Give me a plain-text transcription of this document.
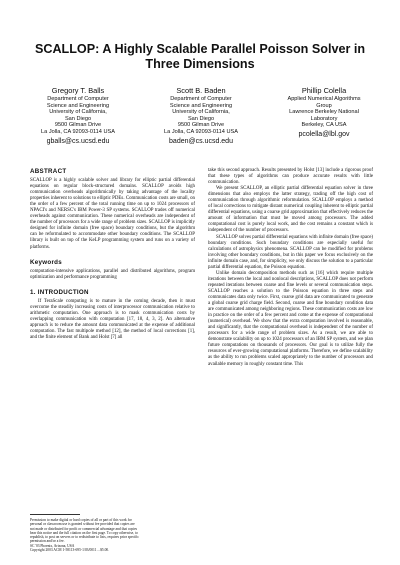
SCALLOP: A Highly Scalable Parallel Poisson Solver in Three Dimensions
Gregory T. Balls
Department of Computer
Science and Engineering
University of California,
San Diego
9500 Gilman Drive
La Jolla, CA 92093-0114 USA
gballs@cs.ucsd.edu
Scott B. Baden
Department of Computer
Science and Engineering
University of California,
San Diego
9500 Gilman Drive
La Jolla, CA 92093-0114 USA
baden@cs.ucsd.edu
Phillip Colella
Applied Numerical Algorithms
Group
Lawrence Berkeley National
Laboratory
Berkeley, CA USA
pcolella@lbl.gov
ABSTRACT

SCALLOP is a highly scalable solver and library for elliptic partial differential equations on regular block-structured domains. SCALLOP avoids high communication overheads algorithmically by taking advantage of the locality properties inherent to solutions to elliptic PDEs. Communication costs are small, on the order of a few percent of the total running time on up to 1024 processors of NPACI's and NERSC's IBM Power-3 SP systems. SCALLOP trades off numerical overheads against communication. These numerical overheads are independent of the number of processors for a wide range of problem sizes. SCALLOP is implicitly designed for infinite domain (free space) boundary conditions, but the algorithm can be reformulated to accommodate other boundary conditions. The SCALLOP library is built on top of the KeLP programming system and runs on a variety of platforms.

Keywords

computation-intensive applications, parallel and distributed algorithms, program optimization and performance programming

1. INTRODUCTION

If TeraScale computing is to mature in the coming decade, then it must overcome the steadily increasing costs of interprocessor communication relative to arithmetic computation. One approach is to mask communication costs by overlapping communication with computation [17, 18, 4, 3, 2]. An alternative approach is to reduce the amount data communicated at the expense of additional computation. The fast multipole method [12], the method of local corrections [1], and the finite element of Bank and Holst [7] all

Permission to make digital or hard copies of all or part of this work for
personal or classroom use is granted without fee provided that copies are
not made or distributed for profit or commercial advantage and that copies
bear this notice and the full citation on the first page. To copy otherwise, to
republish, to post on servers or to redistribute to lists, requires prior specific
permission and/or a fee.
SC '03 Phoenix, Arizona, USA
Copyright 2003 ACM 1-58113-695-1/03/0011 ...$5.00.

take this second approach. Results presented by Holst [13] include a rigorous proof that these types of algorithms can produce accurate results with little communication.

We present SCALLOP, an elliptic partial differential equation solver in three dimensions that also employs the latter strategy, trading off the high cost of communication through algorithmic reformulation. SCALLOP employs a method of local corrections to mitigate distant numerical coupling inherent to elliptic partial differential equations, using a coarse grid approximation that effectively reduces the amount of information that must be moved among processors. The added computational cost is purely local work, and the cost remains a constant which is independent of the number of processors.

SCALLOP solves partial differential equations with infinite domain (free space) boundary conditions. Such boundary conditions are especially useful for calculations of astrophysics phenomena. SCALLOP can be modified for problems involving other boundary conditions, but in this paper we focus exclusively on the infinite domain case, and, for simplicity, we only discuss the solution to a particular partial differential equation, the Poisson equation.

Unlike domain decomposition methods such as [16] which require multiple iterations between the local and nonlocal descriptions, SCALLOP does not perform repeated iterations between coarse and fine levels or several communication steps. SCALLOP reaches a solution to the Poisson equation in three steps and communicates data only twice. First, coarse grid data are communicated to generate a global coarse grid charge field. Second, coarse and fine boundary condition data are communicated among neighboring regions. These communication costs are low in practice on the order of a few percent and come at the expense of computational (numerical) overhead. We show that the extra computation involved is reasonable, and significantly, that the computational overhead is independent of the number of processors for a wide range of problem sizes. As a result, we are able to demonstrate scalability on up to 1024 processors of an IBM SP system, and we plan future computations on thousands of processors. Our goal is to utilize fully the resources of ever-growing computational platforms. Therefore, we define scalability as the ability to run problems scaled appropriately to the number of processors and available memory in roughly constant time. This
